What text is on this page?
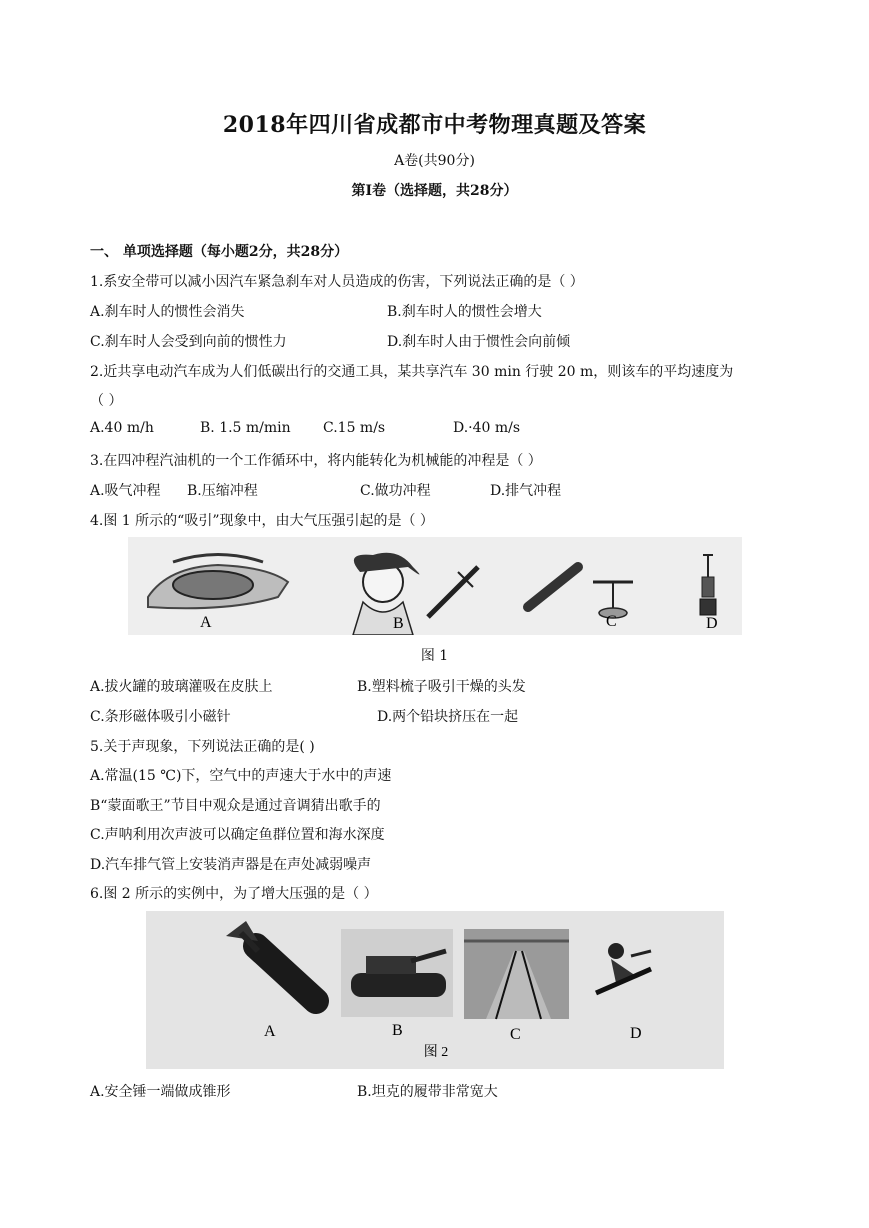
2018年四川省成都市中考物理真题及答案
A卷(共90分)
第Ⅰ卷（选择题，共28分）
一、 单项选择题（每小题2分，共28分）
1.系安全带可以减小因汽车紧急刹车对人员造成的伤害，下列说法正确的是（ ）
A.刹车时人的惯性会消失	B.刹车时人的惯性会增大
C.刹车时人会受到向前的惯性力	D.刹车时人由于惯性会向前倾
2.近共享电动汽车成为人们低碳出行的交通工具，某共享汽车 30 min 行驶 20 m，则该车的平均速度为
（ ）
A.40 m/h	B. 1.5 m/min C.15 m/s	D.·40 m/s
3.在四冲程汽油机的一个工作循环中，将内能转化为机械能的冲程是（ ）
A.吸气冲程 B.压缩冲程	C.做功冲程	D.排气冲程
4.图 1 所示的“吸引”现象中，由大气压强引起的是（ ）
A	B	C	D
图 1
A.拔火罐的玻璃灌吸在皮肤上	B.塑料梳子吸引干燥的头发
C.条形磁体吸引小磁针	D.两个铅块挤压在一起
5.关于声现象，下列说法正确的是( )
A.常温(15 ℃)下，空气中的声速大于水中的声速
B“蒙面歌王”节目中观众是通过音调猜出歌手的
C.声呐利用次声波可以确定鱼群位置和海水深度
D.汽车排气管上安装消声器是在声处减弱噪声
6.图 2 所示的实例中，为了增大压强的是（ ）
A	B	C	D
图 2
A.安全锤一端做成锥形	B.坦克的履带非常宽大
